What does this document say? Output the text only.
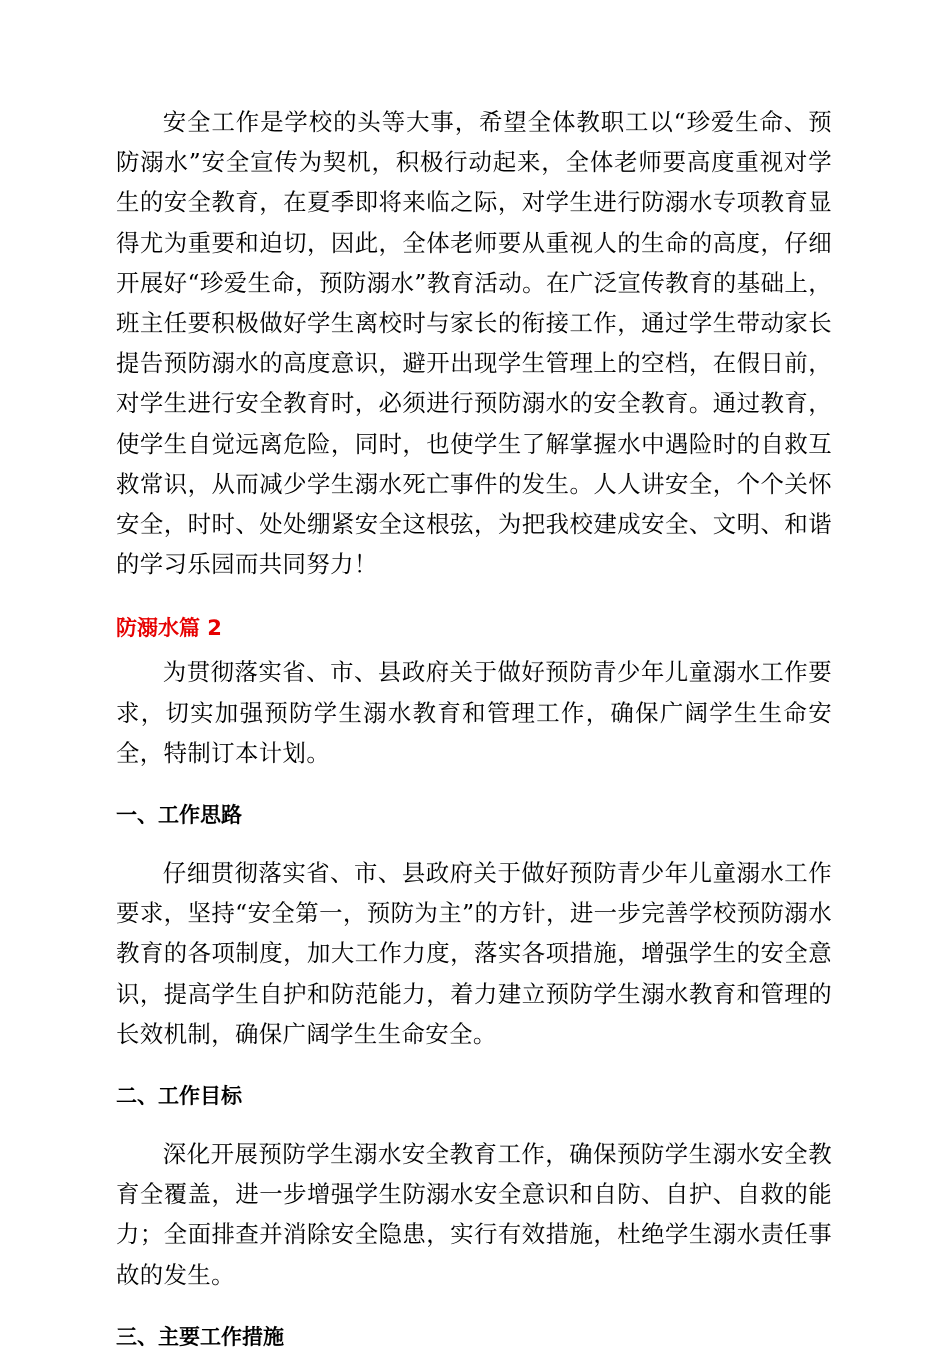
安全工作是学校的头等大事，希望全体教职工以“珍爱生命、预防溺水”安全宣传为契机，积极行动起来，全体老师要高度重视对学生的安全教育，在夏季即将来临之际，对学生进行防溺水专项教育显得尤为重要和迫切，因此，全体老师要从重视人的生命的高度，仔细开展好“珍爱生命，预防溺水”教育活动。在广泛宣传教育的基础上，班主任要积极做好学生离校时与家长的衔接工作，通过学生带动家长提告预防溺水的高度意识，避开出现学生管理上的空档，在假日前，对学生进行安全教育时，必须进行预防溺水的安全教育。通过教育，使学生自觉远离危险，同时，也使学生了解掌握水中遇险时的自救互救常识，从而减少学生溺水死亡事件的发生。人人讲安全，个个关怀安全，时时、处处绷紧安全这根弦，为把我校建成安全、文明、和谐的学习乐园而共同努力！

防溺水篇 2

为贯彻落实省、市、县政府关于做好预防青少年儿童溺水工作要求，切实加强预防学生溺水教育和管理工作，确保广阔学生生命安全，特制订本计划。

一、工作思路

仔细贯彻落实省、市、县政府关于做好预防青少年儿童溺水工作要求，坚持“安全第一，预防为主”的方针，进一步完善学校预防溺水教育的各项制度，加大工作力度，落实各项措施，增强学生的安全意识，提高学生自护和防范能力，着力建立预防学生溺水教育和管理的长效机制，确保广阔学生生命安全。

二、工作目标

深化开展预防学生溺水安全教育工作，确保预防学生溺水安全教育全覆盖，进一步增强学生防溺水安全意识和自防、自护、自救的能力；全面排查并消除安全隐患，实行有效措施，杜绝学生溺水责任事故的发生。

三、主要工作措施
